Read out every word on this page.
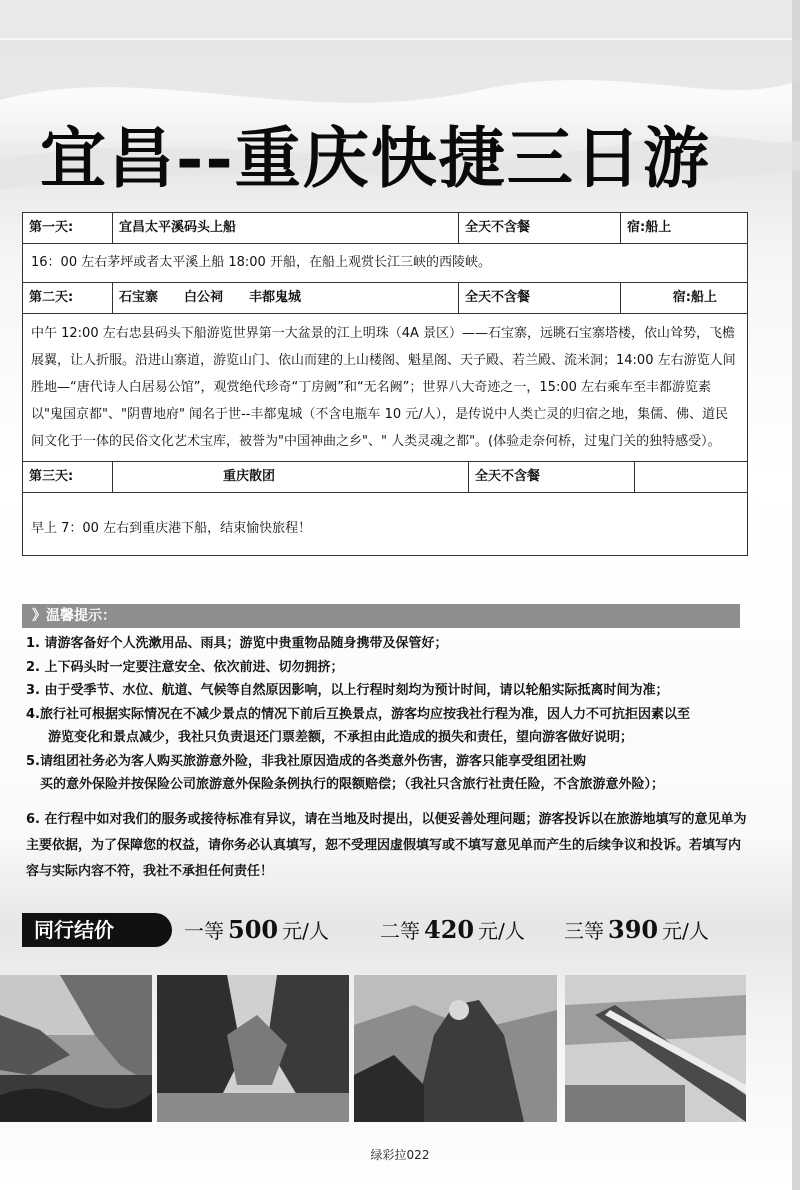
宜昌--重庆快捷三日游
第一天:	宜昌太平溪码头上船	全天不含餐	宿:船上
16：00 左右茅坪或者太平溪上船 18:00 开船，在船上观赏长江三峡的西陵峡。
第二天:	石宝寨　　白公祠　　丰都鬼城	全天不含餐	宿:船上
中午 12:00 左右忠县码头下船游览世界第一大盆景的江上明珠（4A 景区）——石宝寨，远眺石宝寨塔楼，依山耸势，飞檐展翼，让人折服。沿进山寨道，游览山门、依山而建的上山楼阁、魁星阁、天子殿、若兰殿、流米洞；14:00 左右游览人间胜地—“唐代诗人白居易公馆”，观赏绝代珍奇“丁房阙”和“无名阙”；世界八大奇迹之一，15:00 左右乘车至丰都游览素以"鬼国京都"、"阴曹地府" 闻名于世--丰都鬼城（不含电瓶车 10 元/人），是传说中人类亡灵的归宿之地，集儒、佛、道民间文化于一体的民俗文化艺术宝库，被誉为"中国神曲之乡"、" 人类灵魂之都"。(体验走奈何桥，过鬼门关的独特感受）。
第三天:	重庆散团	全天不含餐
早上 7：00 左右到重庆港下船，结束愉快旅程！
》温馨提示：
1. 请游客备好个人洗漱用品、雨具；游览中贵重物品随身携带及保管好；
2. 上下码头时一定要注意安全、依次前进、切勿拥挤；
3. 由于受季节、水位、航道、气候等自然原因影响，以上行程时刻均为预计时间，请以轮船实际抵离时间为准；
4.旅行社可根据实际情况在不减少景点的情况下前后互换景点，游客均应按我社行程为准，因人力不可抗拒因素以至
游览变化和景点减少，我社只负责退还门票差额，不承担由此造成的损失和责任，望向游客做好说明；
5.请组团社务必为客人购买旅游意外险，非我社原因造成的各类意外伤害，游客只能享受组团社购
买的意外保险并按保险公司旅游意外保险条例执行的限额赔偿；（我社只含旅行社责任险，不含旅游意外险）；
6. 在行程中如对我们的服务或接待标准有异议，请在当地及时提出，以便妥善处理问题；游客投诉以在旅游地填写的意见单为主要依据，为了保障您的权益，请你务必认真填写，恕不受理因虚假填写或不填写意见单而产生的后续争议和投诉。若填写内容与实际内容不符，我社不承担任何责任！
同行结价	一等 500 元/人	二等 420 元/人 三等 390 元/人
绿彩拉022
